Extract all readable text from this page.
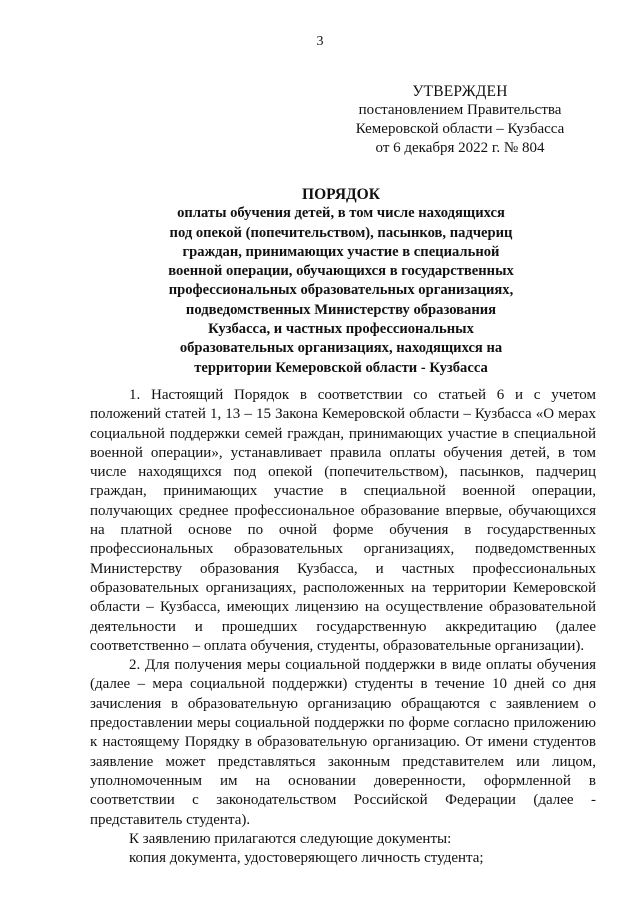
3
УТВЕРЖДЕН
постановлением Правительства
Кемеровской области – Кузбасса
от 6 декабря 2022 г. № 804
ПОРЯДОК
оплаты обучения детей, в том числе находящихся
под опекой (попечительством), пасынков, падчериц
граждан, принимающих участие в специальной
военной операции, обучающихся в государственных
профессиональных образовательных организациях,
подведомственных Министерству образования
Кузбасса, и частных профессиональных
образовательных организациях, находящихся на
территории Кемеровской области - Кузбасса

1. Настоящий Порядок в соответствии со статьей 6 и с учетом положений статей 1, 13 – 15 Закона Кемеровской области – Кузбасса «О мерах социальной поддержки семей граждан, принимающих участие в специальной военной операции», устанавливает правила оплаты обучения детей, в том числе находящихся под опекой (попечительством), пасынков, падчериц граждан, принимающих участие в специальной военной операции, получающих среднее профессиональное образование впервые, обучающихся на платной основе по очной форме обучения в государственных профессиональных образовательных организациях, подведомственных Министерству образования Кузбасса, и частных профессиональных образовательных организациях, расположенных на территории Кемеровской области – Кузбасса, имеющих лицензию на осуществление образовательной деятельности и прошедших государственную аккредитацию (далее соответственно – оплата обучения, студенты, образовательные организации).

2. Для получения меры социальной поддержки в виде оплаты обучения (далее – мера социальной поддержки) студенты в течение 10 дней со дня зачисления в образовательную организацию обращаются с заявлением о предоставлении меры социальной поддержки по форме согласно приложению к настоящему Порядку в образовательную организацию. От имени студентов заявление может представляться законным представителем или лицом, уполномоченным им на основании доверенности, оформленной в соответствии с законодательством Российской Федерации (далее - представитель студента).

К заявлению прилагаются следующие документы:

копия документа, удостоверяющего личность студента;
